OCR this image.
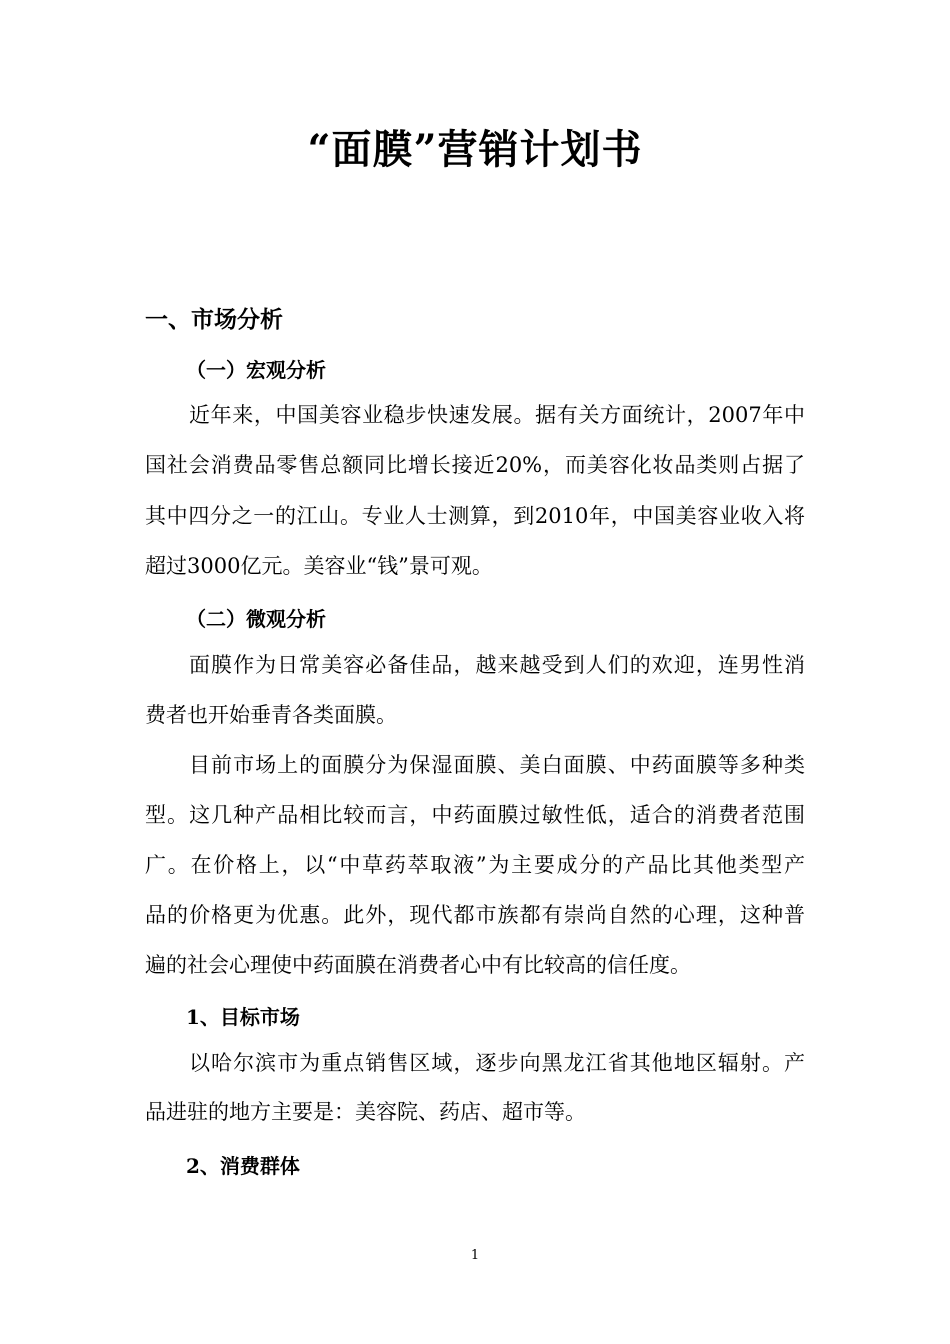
“面膜”营销计划书
一、市场分析
（一）宏观分析
近年来，中国美容业稳步快速发展。据有关方面统计，2007年中
国社会消费品零售总额同比增长接近20%，而美容化妆品类则占据了
其中四分之一的江山。专业人士测算，到2010年，中国美容业收入将
超过3000亿元。美容业“钱”景可观。
（二）微观分析
面膜作为日常美容必备佳品，越来越受到人们的欢迎，连男性消
费者也开始垂青各类面膜。
目前市场上的面膜分为保湿面膜、美白面膜、中药面膜等多种类
型。这几种产品相比较而言，中药面膜过敏性低，适合的消费者范围
广。在价格上，以“中草药萃取液”为主要成分的产品比其他类型产
品的价格更为优惠。此外，现代都市族都有崇尚自然的心理，这种普
遍的社会心理使中药面膜在消费者心中有比较高的信任度。
1、目标市场
以哈尔滨市为重点销售区域，逐步向黑龙江省其他地区辐射。产
品进驻的地方主要是：美容院、药店、超市等。
2、消费群体
1
